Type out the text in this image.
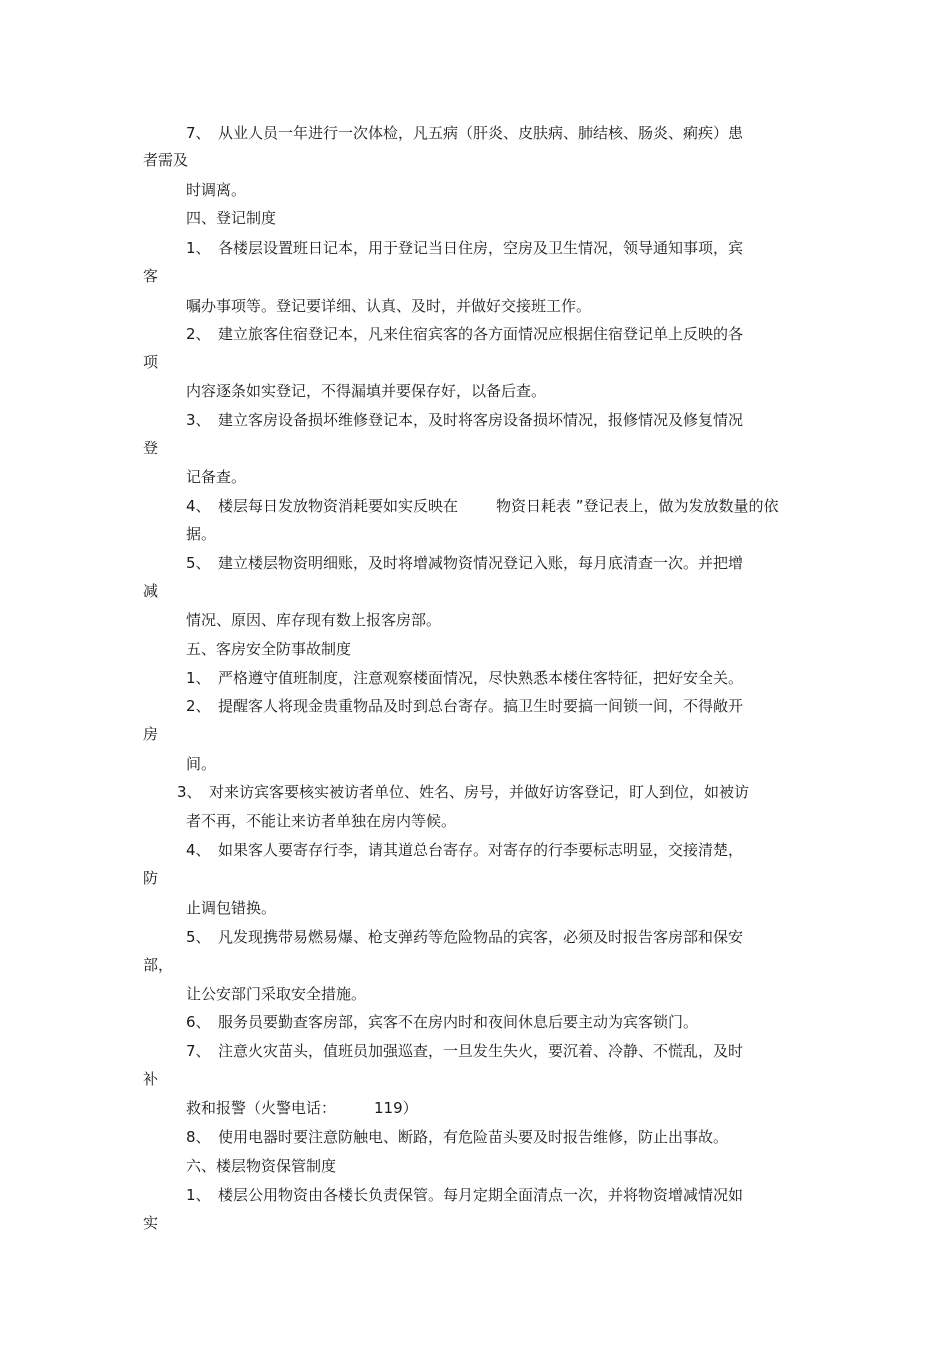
7、 从业人员一年进行一次体检，凡五病（肝炎、皮肤病、肺结核、肠炎、痢疾）患
者需及
时调离。
四、登记制度
1、 各楼层设置班日记本，用于登记当日住房，空房及卫生情况，领导通知事项，宾
客
嘱办事项等。登记要详细、认真、及时，并做好交接班工作。
2、 建立旅客住宿登记本，凡来住宿宾客的各方面情况应根据住宿登记单上反映的各
项
内容逐条如实登记，不得漏填并要保存好，以备后查。
3、 建立客房设备损坏维修登记本，及时将客房设备损坏情况，报修情况及修复情况
登
记备查。
4、 楼层每日发放物资消耗要如实反映在	物资日耗表 ”登记表上，做为发放数量的依
据。
5、 建立楼层物资明细账，及时将增减物资情况登记入账，每月底清查一次。并把增
减
情况、原因、库存现有数上报客房部。
五、客房安全防事故制度
1、 严格遵守值班制度，注意观察楼面情况，尽快熟悉本楼住客特征，把好安全关。
2、 提醒客人将现金贵重物品及时到总台寄存。搞卫生时要搞一间锁一间，不得敞开
房
间。
3、 对来访宾客要核实被访者单位、姓名、房号，并做好访客登记，盯人到位，如被访
者不再，不能让来访者单独在房内等候。
4、 如果客人要寄存行李，请其道总台寄存。对寄存的行李要标志明显，交接清楚，
防
止调包错换。
5、 凡发现携带易燃易爆、枪支弹药等危险物品的宾客，必须及时报告客房部和保安
部，
让公安部门采取安全措施。
6、 服务员要勤查客房部，宾客不在房内时和夜间休息后要主动为宾客锁门。
7、 注意火灾苗头，值班员加强巡查，一旦发生失火，要沉着、冷静、不慌乱，及时
补
救和报警（火警电话：	119）
8、 使用电器时要注意防触电、断路，有危险苗头要及时报告维修，防止出事故。
六、楼层物资保管制度
1、 楼层公用物资由各楼长负责保管。每月定期全面清点一次，并将物资增减情况如
实
